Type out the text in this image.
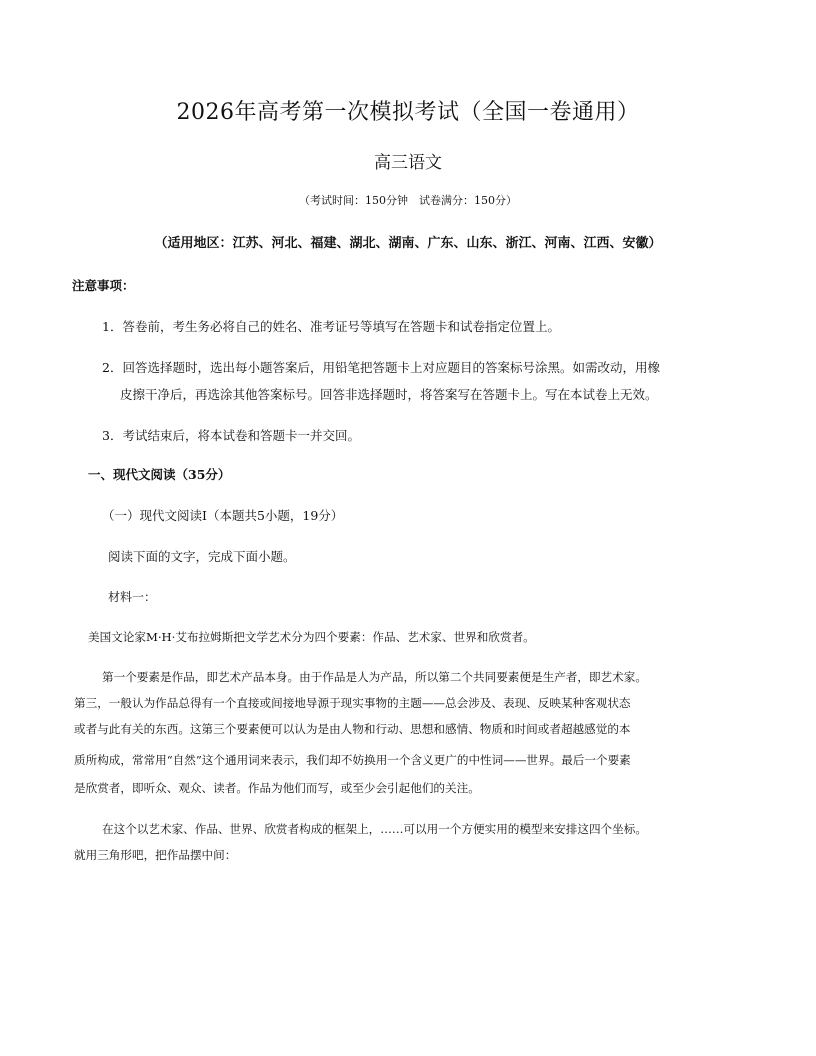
2026年高考第一次模拟考试（全国一卷通用）
高三语文
（考试时间：150分钟　试卷满分：150分）
（适用地区：江苏、河北、福建、湖北、湖南、广东、山东、浙江、河南、江西、安徽）
注意事项：
1．答卷前，考生务必将自己的姓名、准考证号等填写在答题卡和试卷指定位置上。
2．回答选择题时，选出每小题答案后，用铅笔把答题卡上对应题目的答案标号涂黑。如需改动，用橡
皮擦干净后，再选涂其他答案标号。回答非选择题时，将答案写在答题卡上。写在本试卷上无效。
3．考试结束后，将本试卷和答题卡一并交回。
一、现代文阅读（35分）
（一）现代文阅读Ⅰ（本题共5小题，19分）
阅读下面的文字，完成下面小题。
材料一：
美国文论家M·H·艾布拉姆斯把文学艺术分为四个要素：作品、艺术家、世界和欣赏者。
第一个要素是作品，即艺术产品本身。由于作品是人为产品，所以第二个共同要素便是生产者，即艺术家。
第三，一般认为作品总得有一个直接或间接地导源于现实事物的主题——总会涉及、表现、反映某种客观状态
或者与此有关的东西。这第三个要素便可以认为是由人物和行动、思想和感情、物质和时间或者超越感觉的本
质所构成，常常用“自然”这个通用词来表示，我们却不妨换用一个含义更广的中性词——世界。最后一个要素
是欣赏者，即听众、观众、读者。作品为他们而写，或至少会引起他们的关注。
在这个以艺术家、作品、世界、欣赏者构成的框架上，……可以用一个方便实用的模型来安排这四个坐标。
就用三角形吧，把作品摆中间：
